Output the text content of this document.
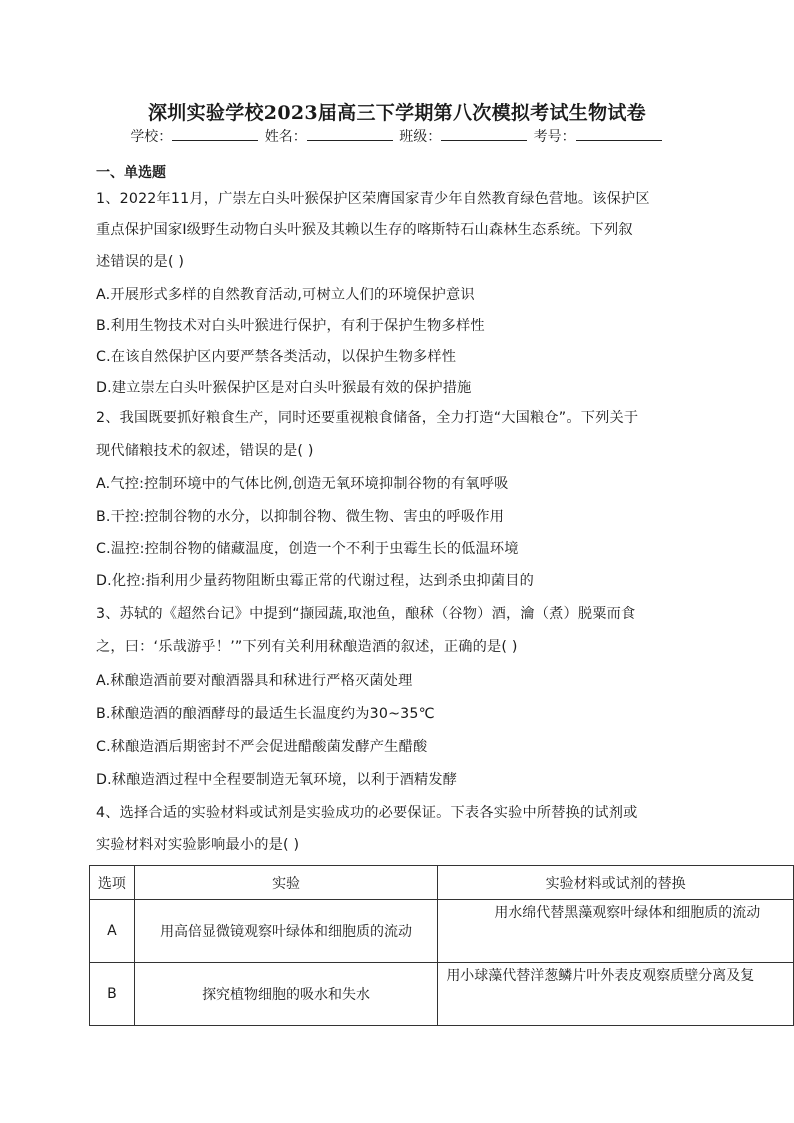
深圳实验学校2023届高三下学期第八次模拟考试生物试卷
学校：	姓名：	班级：	考号：
一、单选题
1、2022年11月，广崇左白头叶猴保护区荣膺国家青少年自然教育绿色营地。该保护区
重点保护国家I级野生动物白头叶猴及其赖以生存的喀斯特石山森林生态系统。下列叙
述错误的是( )
A.开展形式多样的自然教育活动,可树立人们的环境保护意识
B.利用生物技术对白头叶猴进行保护，有利于保护生物多样性
C.在该自然保护区内要严禁各类活动，以保护生物多样性
D.建立崇左白头叶猴保护区是对白头叶猴最有效的保护措施
2、我国既要抓好粮食生产，同时还要重视粮食储备，全力打造“大国粮仓”。下列关于
现代储粮技术的叙述，错误的是( )
A.气控:控制环境中的气体比例,创造无氧环境抑制谷物的有氧呼吸
B.干控:控制谷物的水分，以抑制谷物、微生物、害虫的呼吸作用
C.温控:控制谷物的储藏温度，创造一个不利于虫霉生长的低温环境
D.化控:指利用少量药物阻断虫霉正常的代谢过程，达到杀虫抑菌目的
3、苏轼的《超然台记》中提到“撷园蔬,取池鱼，酿秫（谷物）酒，瀹（煮）脱粟而食
之，曰：‘乐哉游乎！’”下列有关利用秫酿造酒的叙述，正确的是( )
A.秫酿造酒前要对酿酒器具和秫进行严格灭菌处理
B.秫酿造酒的酿酒酵母的最适生长温度约为30~35℃
C.秫酿造酒后期密封不严会促进醋酸菌发酵产生醋酸
D.秫酿造酒过程中全程要制造无氧环境，以利于酒精发酵
4、选择合适的实验材料或试剂是实验成功的必要保证。下表各实验中所替换的试剂或
实验材料对实验影响最小的是( )
选项	实验	实验材料或试剂的替换
A	用高倍显微镜观察叶绿体和细胞质的流动	用水绵代替黑藻观察叶绿体和细胞质的流动

B	探究植物细胞的吸水和失水	用小球藻代替洋葱鳞片叶外表皮观察质壁分离及复
